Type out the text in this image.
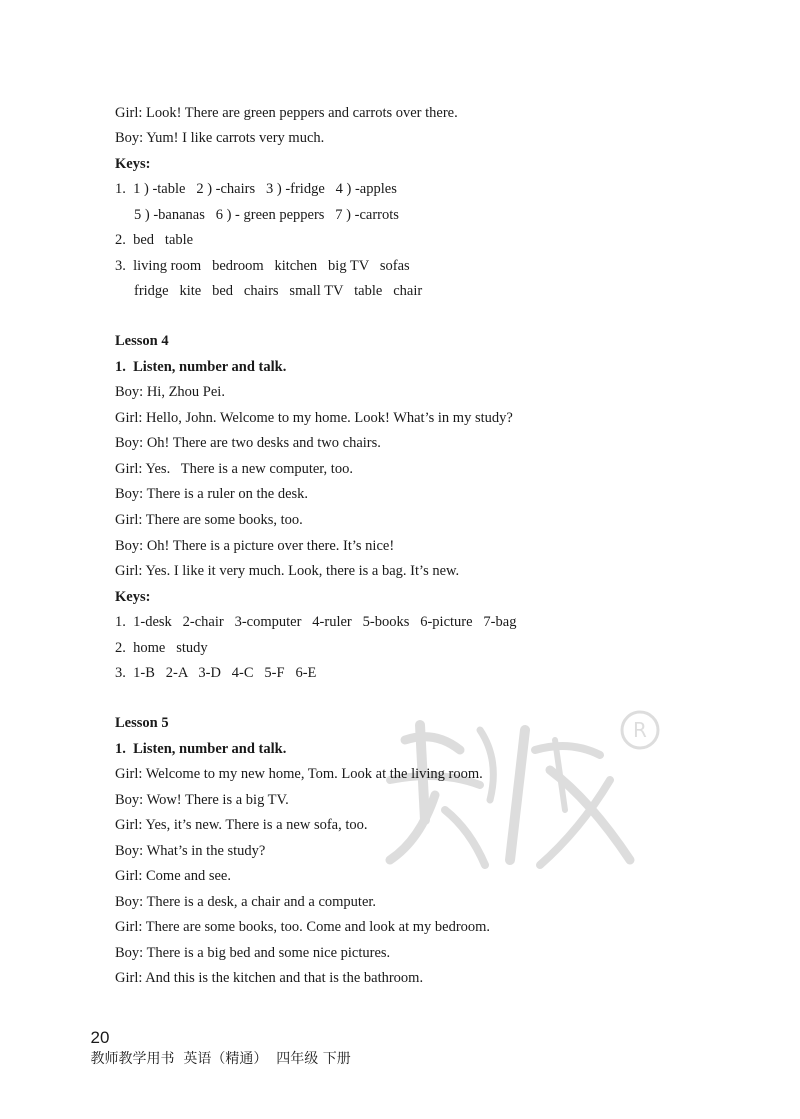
Girl: Look! There are green peppers and carrots over there.
Boy: Yum! I like carrots very much.
Keys:
1.  1 ) -table   2 ) -chairs   3 ) -fridge   4 ) -apples
5 ) -bananas   6 ) - green peppers   7 ) -carrots
2.  bed   table
3.  living room   bedroom   kitchen   big TV   sofas
fridge   kite   bed   chairs   small TV   table   chair
Lesson 4
1.  Listen, number and talk.
Boy: Hi, Zhou Pei.
Girl: Hello, John. Welcome to my home. Look! What’s in my study?
Boy: Oh! There are two desks and two chairs.
Girl: Yes.   There is a new computer, too.
Boy: There is a ruler on the desk.
Girl: There are some books, too.
Boy: Oh! There is a picture over there. It’s nice!
Girl: Yes. I like it very much. Look, there is a bag. It’s new.
Keys:
1.  1-desk   2-chair   3-computer   4-ruler   5-books   6-picture   7-bag
2.  home   study
3.  1-B   2-A   3-D   4-C   5-F   6-E
Lesson 5
1.  Listen, number and talk.
Girl: Welcome to my new home, Tom. Look at the living room.
Boy: Wow! There is a big TV.
Girl: Yes, it’s new. There is a new sofa, too.
Boy: What’s in the study?
Girl: Come and see.
Boy: There is a desk, a chair and a computer.
Girl: There are some books, too. Come and look at my bedroom.
Boy: There is a big bed and some nice pictures.
Girl: And this is the kitchen and that is the bathroom.
R

20
教师教学用书  英语（精通）  四年级 下册
